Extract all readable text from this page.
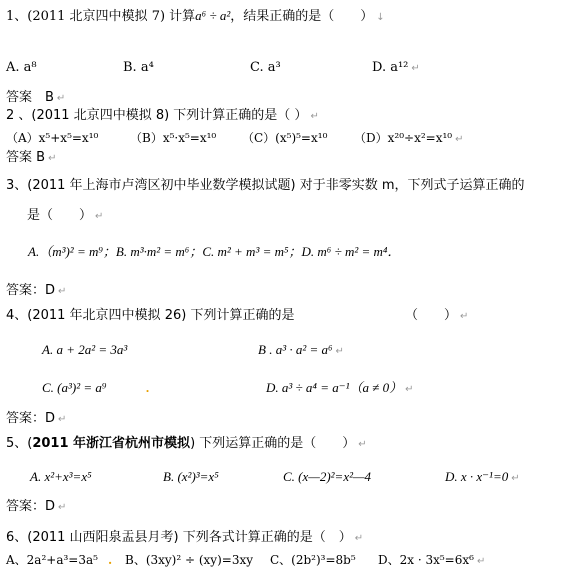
1、(2011 北京四中模拟 7) 计算a⁶ ÷ a²，结果正确的是（　　） ↓
A. a⁸	B. a⁴	C. a³	D. a¹² ↵
答案　B ↵
2 、(2011 北京四中模拟 8) 下列计算正确的是（ ） ↵
（A）x⁵+x⁵=x¹⁰	（B）x⁵·x⁵=x¹⁰ （C）(x⁵)⁵=x¹⁰ （D）x²⁰÷x²=x¹⁰ ↵
答案 B ↵
3、(2011 年上海市卢湾区初中毕业数学模拟试题) 对于非零实数 m，下列式子运算正确的
是（　　） ↵
A.（m³)² = m⁹；B. m³·m² = m⁶；C. m² + m³ = m⁵；D. m⁶ ÷ m² = m⁴．
答案：D ↵
4、(2011 年北京四中模拟 26) 下列计算正确的是	（　　） ↵
A. a + 2a² = 3a³	B . a³ · a² = a⁶ ↵
C. (a³)² = a⁹	.	D. a³ ÷ a⁴ = a⁻¹（a ≠ 0） ↵
答案：D ↵
5、(2011 年浙江省杭州市模拟) 下列运算正确的是（　　） ↵
A. x²+x³=x⁵	B. (x²)³=x⁵	C. (x—2)²=x²—4	D. x · x⁻¹=0 ↵
答案：D ↵
6、(2011 山西阳泉盂县月考) 下列各式计算正确的是（　） ↵
A、2a²+a³=3a⁵ . B、(3xy)² ÷ (xy)=3xy C、(2b²)³=8b⁵ D、2x · 3x⁵=6x⁶ ↵
